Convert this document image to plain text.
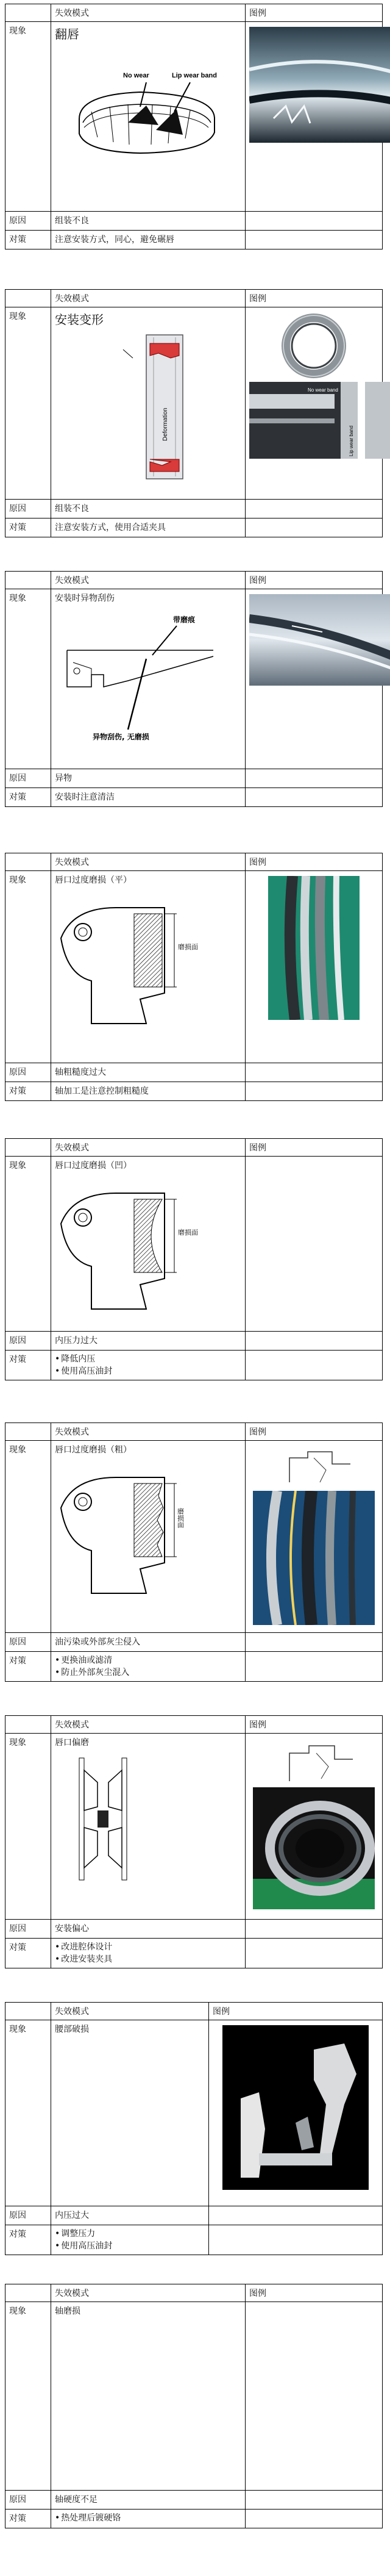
	失效模式	图例
现象	翻唇
No wear Lip wear band

原因	组装不良	
对策	注意安装方式，同心，避免碾唇	
	失效模式	图例
现象	安装变形
Deformation	No wear band
Lip wear band

原因	组装不良	
对策	注意安装方式，使用合适夹具	
	失效模式	图例
现象	安装时异物刮伤
带磨痕
异物刮伤, 无磨损

原因	异物	
对策	安装时注意清洁	
	失效模式	图例
现象	唇口过度磨损（平）
磨损面

原因	轴粗糙度过大	
对策	轴加工是注意控制粗糙度	
	失效模式	图例
现象	唇口过度磨损（凹）
磨损面	

原因	内压力过大	
对策	• 降低内压
• 使用高压油封

	失效模式	图例
现象	唇口过度磨损（粗）
磨损面

原因	油污染或外部灰尘侵入	
对策	• 更换油或滤清
• 防止外部灰尘混入

	失效模式	图例
现象	唇口偏磨

原因	安装偏心	
对策	• 改进腔体设计
• 改进安装夹具

	失效模式	图例
现象	腰部破损

原因	内压过大	
对策	• 调整压力
• 使用高压油封

	失效模式	图例
现象	轴磨损	

原因	轴硬度不足	
对策	• 热处理后镀硬铬
